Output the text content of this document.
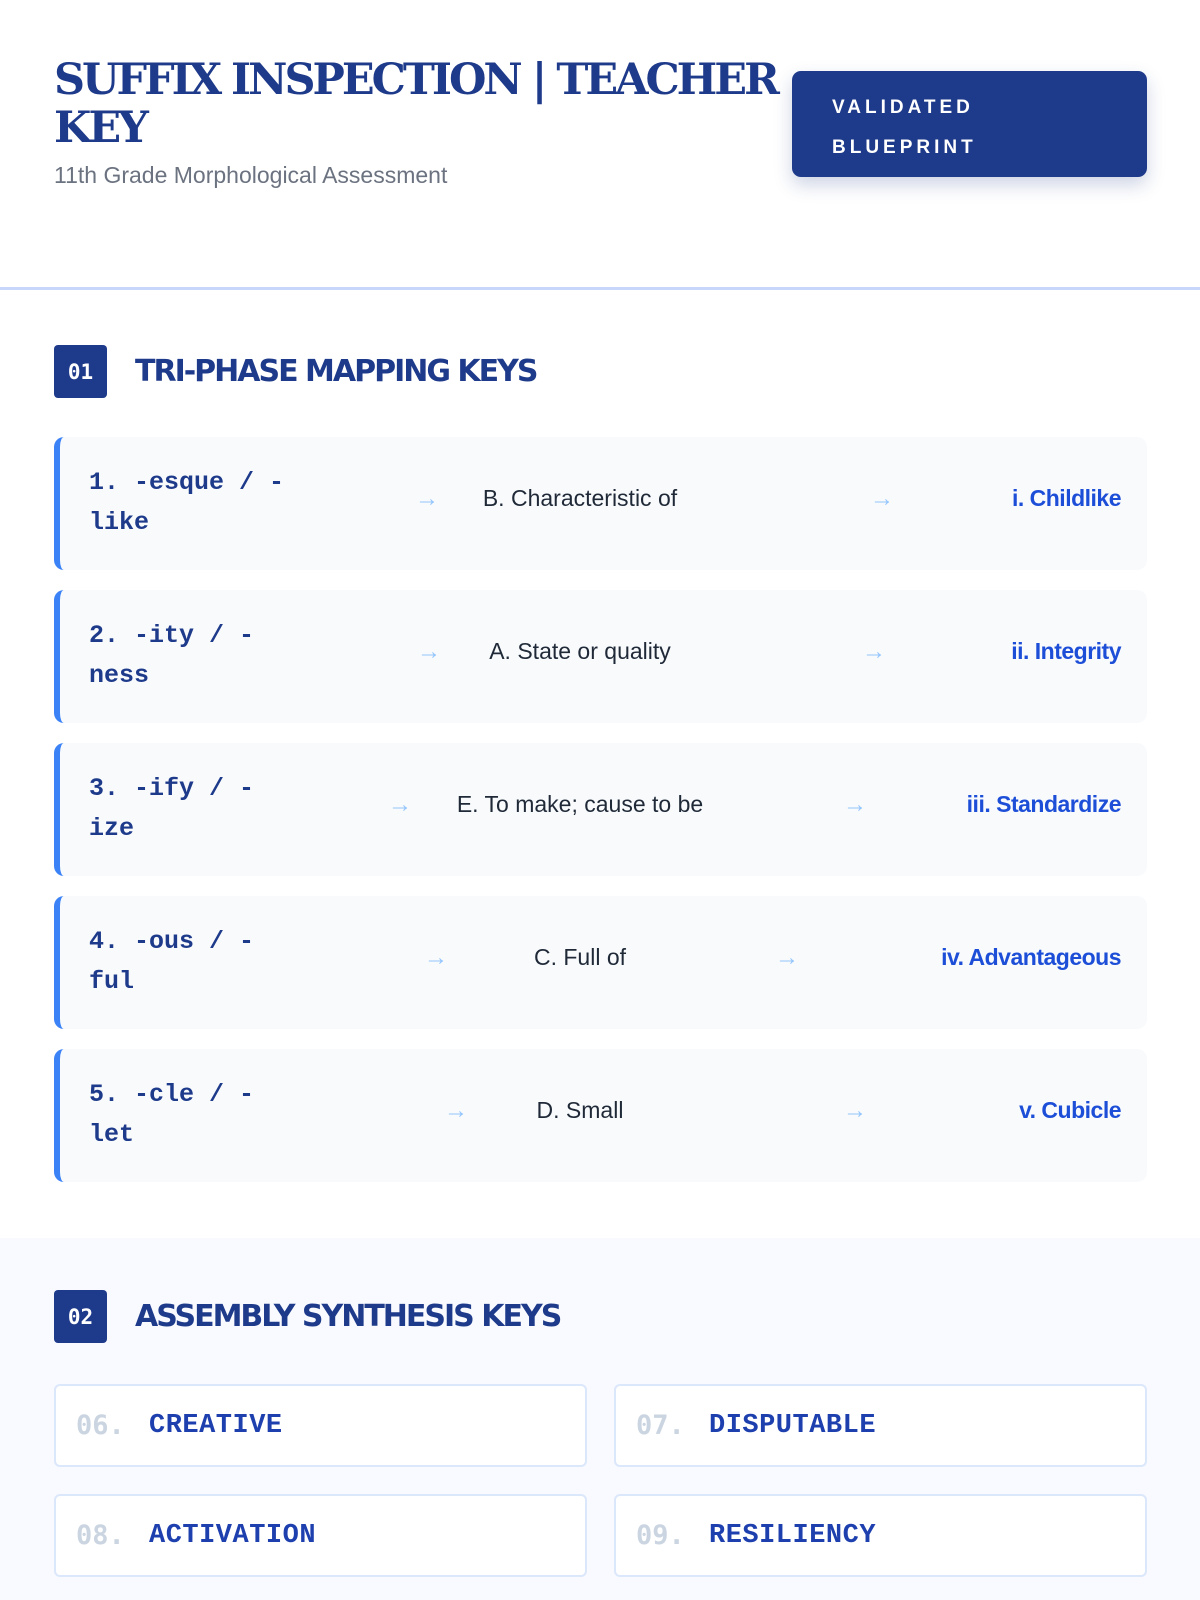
SUFFIX INSPECTION | TEACHER KEY
11th Grade Morphological Assessment
VALIDATED
BLUEPRINT
01	TRI-PHASE MAPPING KEYS
1. -esque / -
like
→	B. Characteristic of	→	i. Childlike
2. -ity / -
ness
→	A. State or quality	→	ii. Integrity
3. -ify / -
ize
→	E. To make; cause to be	→	iii. Standardize
4. -ous / -
ful
→	C. Full of	→	iv. Advantageous
5. -cle / -
let
→	D. Small	→	v. Cubicle
02	ASSEMBLY SYNTHESIS KEYS
06. CREATIVE	07. DISPUTABLE
08. ACTIVATION	09. RESILIENCY
